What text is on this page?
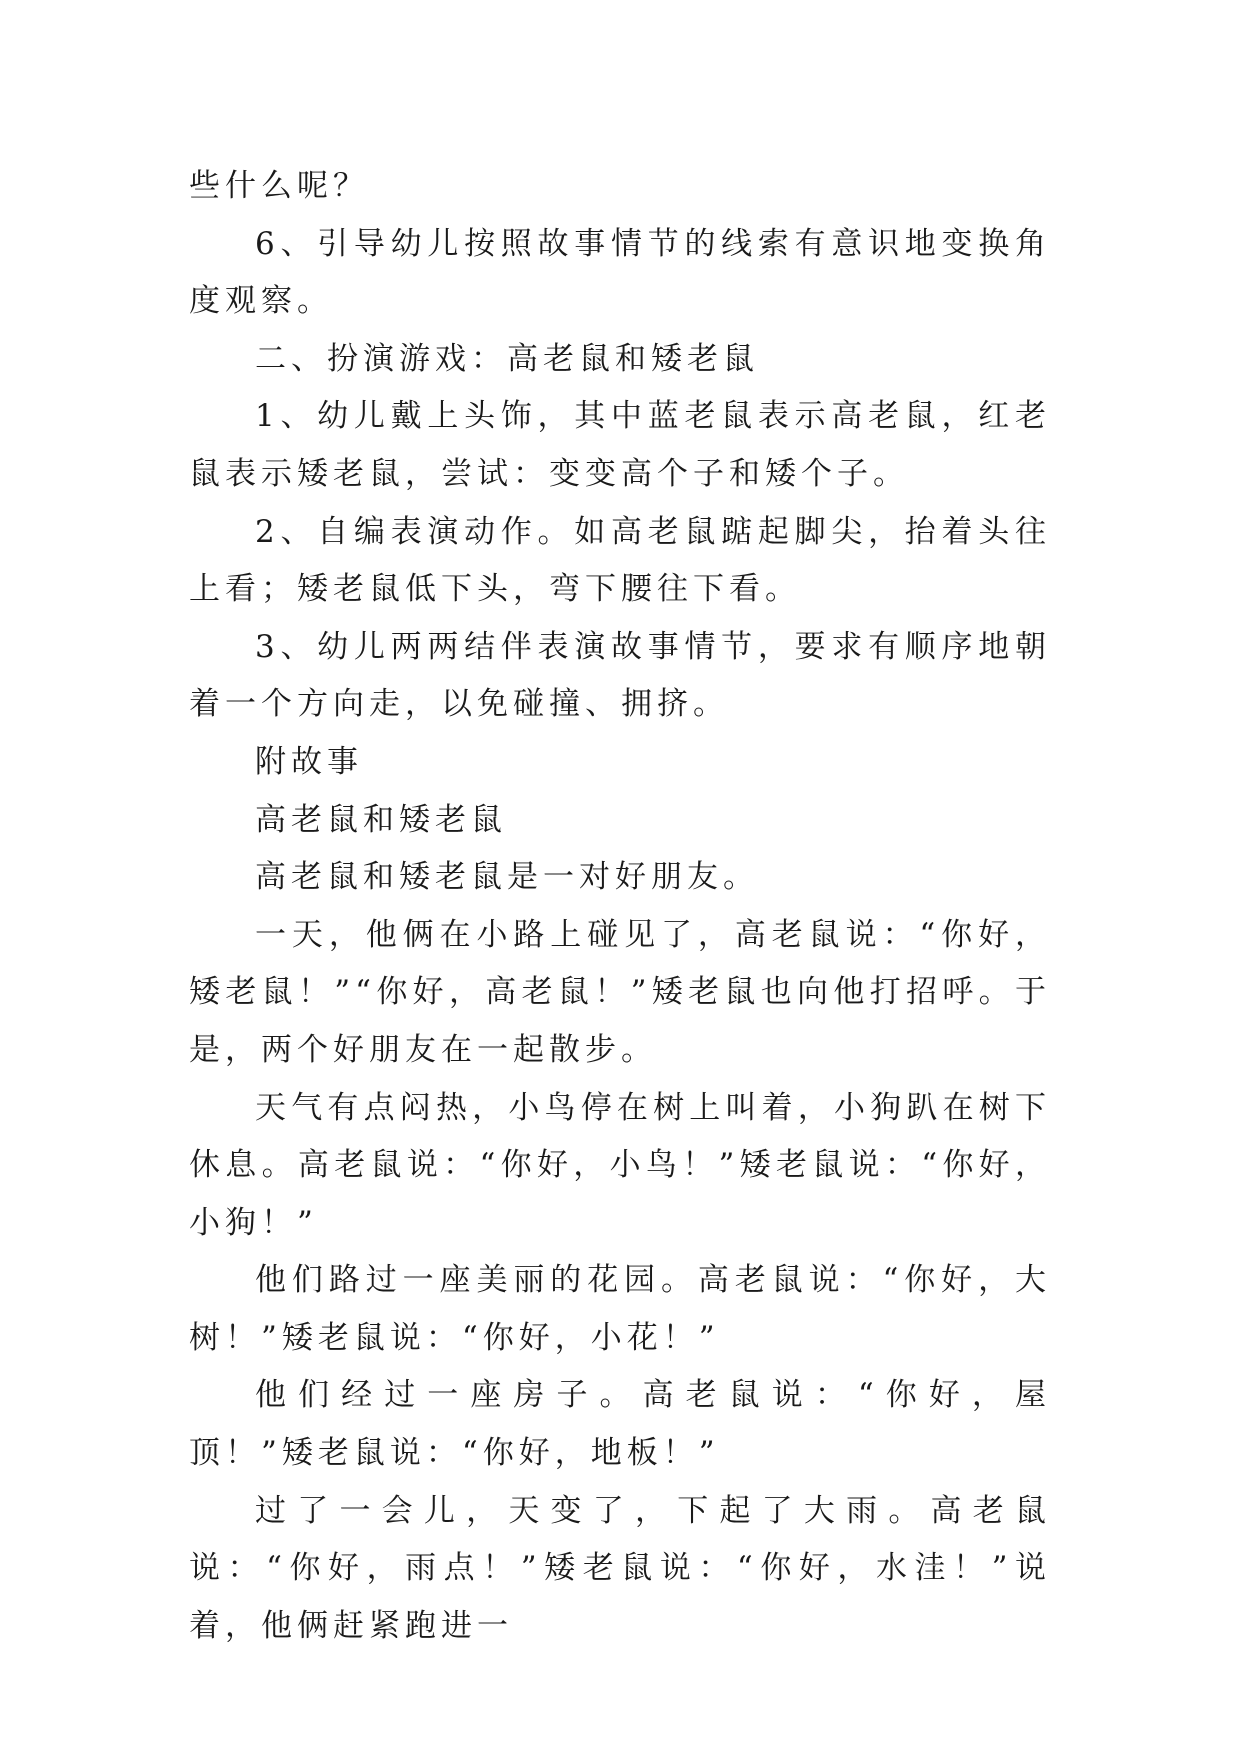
些什么呢？

6、引导幼儿按照故事情节的线索有意识地变换角度观察。

二、扮演游戏：高老鼠和矮老鼠

1、幼儿戴上头饰，其中蓝老鼠表示高老鼠，红老鼠表示矮老鼠，尝试：变变高个子和矮个子。

2、自编表演动作。如高老鼠踮起脚尖，抬着头往上看；矮老鼠低下头，弯下腰往下看。

3、幼儿两两结伴表演故事情节，要求有顺序地朝着一个方向走，以免碰撞、拥挤。

附故事

高老鼠和矮老鼠

高老鼠和矮老鼠是一对好朋友。

一天，他俩在小路上碰见了，高老鼠说：“你好，矮老鼠！”“你好，高老鼠！”矮老鼠也向他打招呼。于是，两个好朋友在一起散步。

天气有点闷热，小鸟停在树上叫着，小狗趴在树下休息。高老鼠说：“你好，小鸟！”矮老鼠说：“你好，小狗！”

他们路过一座美丽的花园。高老鼠说：“你好，大树！”矮老鼠说：“你好，小花！”

他们经过一座房子。高老鼠说：“你好，屋顶！”矮老鼠说：“你好，地板！”

过了一会儿，天变了，下起了大雨。高老鼠说：“你好，雨点！”矮老鼠说：“你好，水洼！”说着，他俩赶紧跑进一
